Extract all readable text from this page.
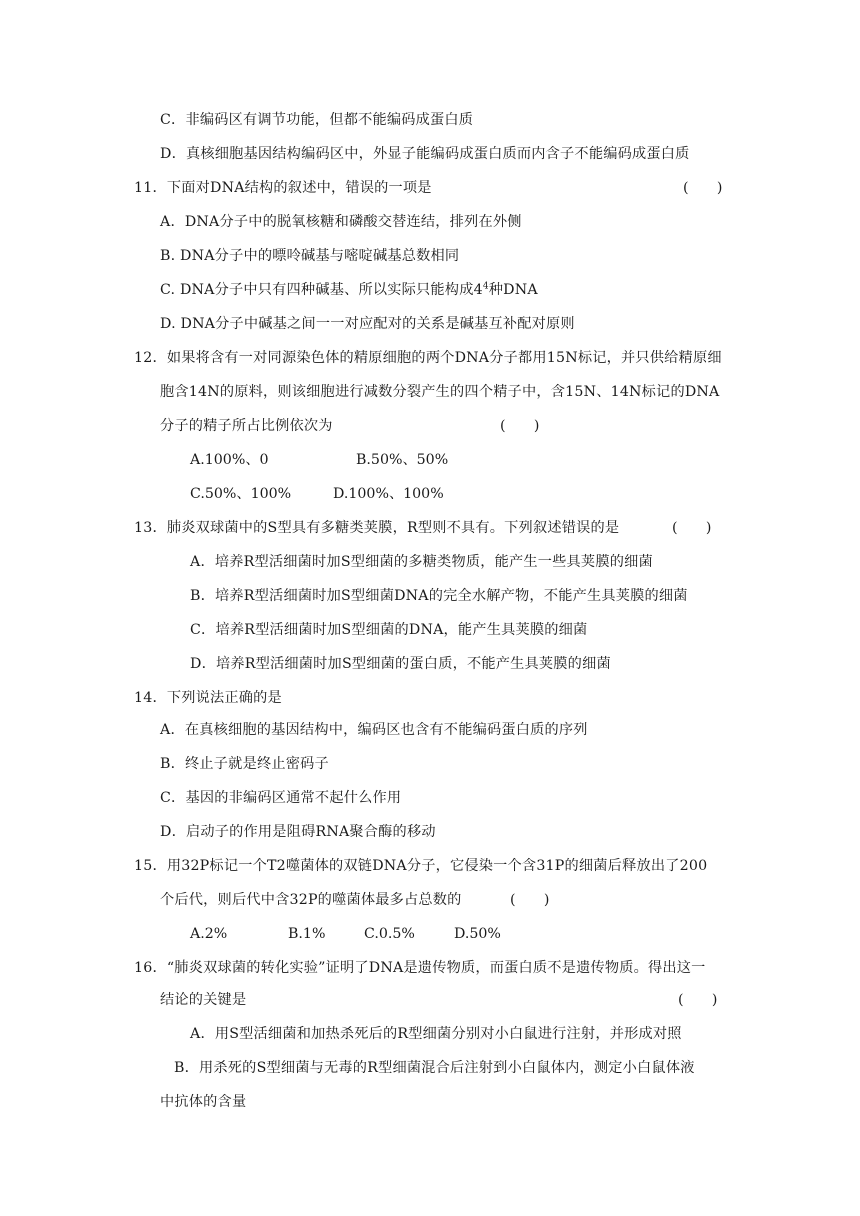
C．非编码区有调节功能，但都不能编码成蛋白质
D．真核细胞基因结构编码区中，外显子能编码成蛋白质而内含子不能编码成蛋白质
11．下面对DNA结构的叙述中，错误的一项是	(　　)
A．DNA分子中的脱氧核糖和磷酸交替连结，排列在外侧
B. DNA分子中的嘌呤碱基与嘧啶碱基总数相同
C. DNA分子中只有四种碱基、所以实际只能构成$4^4$种DNA
D. DNA分子中碱基之间一一对应配对的关系是碱基互补配对原则
12．如果将含有一对同源染色体的精原细胞的两个DNA分子都用15N标记，并只供给精原细
胞含14N的原料，则该细胞进行减数分裂产生的四个精子中，含15N、14N标记的DNA
分子的精子所占比例依次为	(　　)
A.100%、0	B.50%、50%
C.50%、100%	D.100%、100%
13．肺炎双球菌中的S型具有多糖类荚膜，R型则不具有。下列叙述错误的是	(　　)
A．培养R型活细菌时加S型细菌的多糖类物质，能产生一些具荚膜的细菌
B．培养R型活细菌时加S型细菌DNA的完全水解产物，不能产生具荚膜的细菌
C．培养R型活细菌时加S型细菌的DNA，能产生具荚膜的细菌
D．培养R型活细菌时加S型细菌的蛋白质，不能产生具荚膜的细菌
14．下列说法正确的是
A．在真核细胞的基因结构中，编码区也含有不能编码蛋白质的序列
B．终止子就是终止密码子
C．基因的非编码区通常不起什么作用
D．启动子的作用是阻碍RNA聚合酶的移动
15．用32P标记一个T2噬菌体的双链DNA分子，它侵染一个含31P的细菌后释放出了200
个后代，则后代中含32P的噬菌体最多占总数的	(　　)
A.2%	B.1%	C.0.5%	D.50%
16．“肺炎双球菌的转化实验”证明了DNA是遗传物质，而蛋白质不是遗传物质。得出这一
结论的关键是	(　　)
A．用S型活细菌和加热杀死后的R型细菌分别对小白鼠进行注射，并形成对照
B．用杀死的S型细菌与无毒的R型细菌混合后注射到小白鼠体内，测定小白鼠体液
中抗体的含量
